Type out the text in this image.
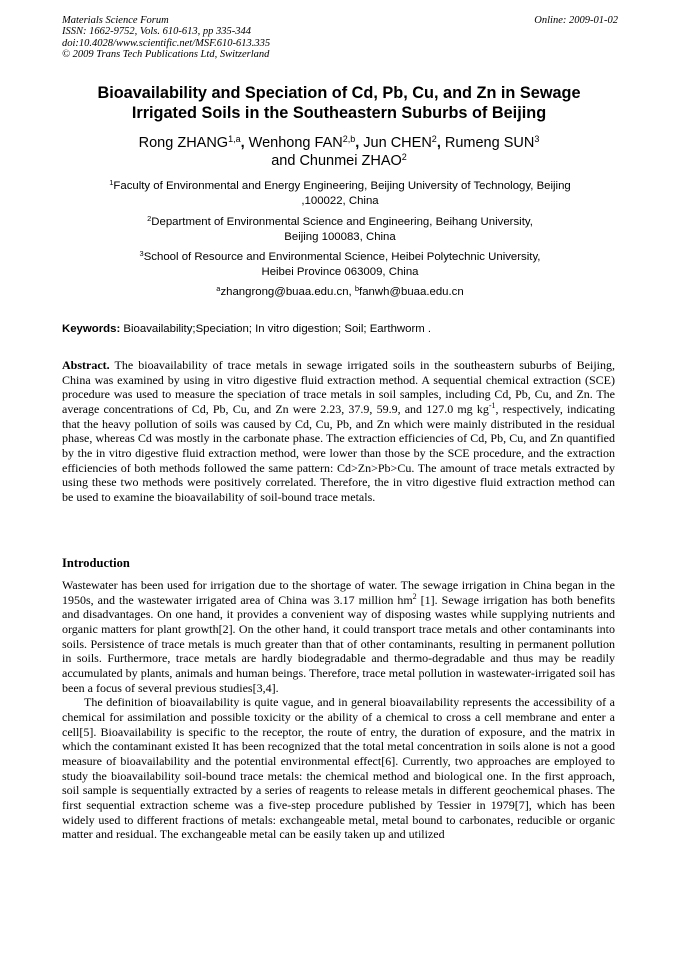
Materials Science Forum
ISSN: 1662-9752, Vols. 610-613, pp 335-344
doi:10.4028/www.scientific.net/MSF.610-613.335
© 2009 Trans Tech Publications Ltd, Switzerland
Online: 2009-01-02
Bioavailability and Speciation of Cd, Pb, Cu, and Zn in Sewage
Irrigated Soils in the Southeastern Suburbs of Beijing
Rong ZHANG$^{1,a}$, Wenhong FAN$^{2,b}$, Jun CHEN$^2$, Rumeng SUN$^3$
and Chunmei ZHAO$^2$
$^1$Faculty of Environmental and Energy Engineering, Beijing University of Technology, Beijing
,100022, China
$^2$Department of Environmental Science and Engineering, Beihang University,
Beijing 100083, China
$^3$School of Resource and Environmental Science, Heibei Polytechnic University,
Heibei Province 063009, China
$^a$zhangrong@buaa.edu.cn, $^b$fanwh@buaa.edu.cn
Keywords: Bioavailability;Speciation; In vitro digestion; Soil; Earthworm .

Abstract. The bioavailability of trace metals in sewage irrigated soils in the southeastern suburbs of Beijing, China was examined by using in vitro digestive fluid extraction method. A sequential chemical extraction (SCE) procedure was used to measure the speciation of trace metals in soil samples, including Cd, Pb, Cu, and Zn. The average concentrations of Cd, Pb, Cu, and Zn were 2.23, 37.9, 59.9, and 127.0 mg $kg^{-1}$, respectively, indicating that the heavy pollution of soils was caused by Cd, Cu, Pb, and Zn which were mainly distributed in the residual phase, whereas Cd was mostly in the carbonate phase. The extraction efficiencies of Cd, Pb, Cu, and Zn quantified by the in vitro digestive fluid extraction method, were lower than those by the SCE procedure, and the extraction efficiencies of both methods followed the same pattern: Cd>Zn>Pb>Cu. The amount of trace metals extracted by using these two methods were positively correlated. Therefore, the in vitro digestive fluid extraction method can be used to examine the bioavailability of soil-bound trace metals.

Introduction

Wastewater has been used for irrigation due to the shortage of water. The sewage irrigation in China began in the 1950s, and the wastewater irrigated area of China was 3.17 million $hm^2$ [1]. Sewage irrigation has both benefits and disadvantages. On one hand, it provides a convenient way of disposing wastes while supplying nutrients and organic matters for plant growth[2]. On the other hand, it could transport trace metals and other contaminants into soils. Persistence of trace metals is much greater than that of other contaminants, resulting in permanent pollution in soils. Furthermore, trace metals are hardly biodegradable and thermo-degradable and thus may be readily accumulated by plants, animals and human beings. Therefore, trace metal pollution in wastewater-irrigated soil has been a focus of several previous studies[3,4].

The definition of bioavailability is quite vague, and in general bioavailability represents the accessibility of a chemical for assimilation and possible toxicity or the ability of a chemical to cross a cell membrane and enter a cell[5]. Bioavailability is specific to the receptor, the route of entry, the duration of exposure, and the matrix in which the contaminant existed It has been recognized that the total metal concentration in soils alone is not a good measure of bioavailability and the potential environmental effect[6]. Currently, two approaches are employed to study the bioavailability soil-bound trace metals: the chemical method and biological one. In the first approach, soil sample is sequentially extracted by a series of reagents to release metals in different geochemical phases. The first sequential extraction scheme was a five-step procedure published by Tessier in 1979[7], which has been widely used to different fractions of metals: exchangeable metal, metal bound to carbonates, reducible or organic matter and residual. The exchangeable metal can be easily taken up and utilized
